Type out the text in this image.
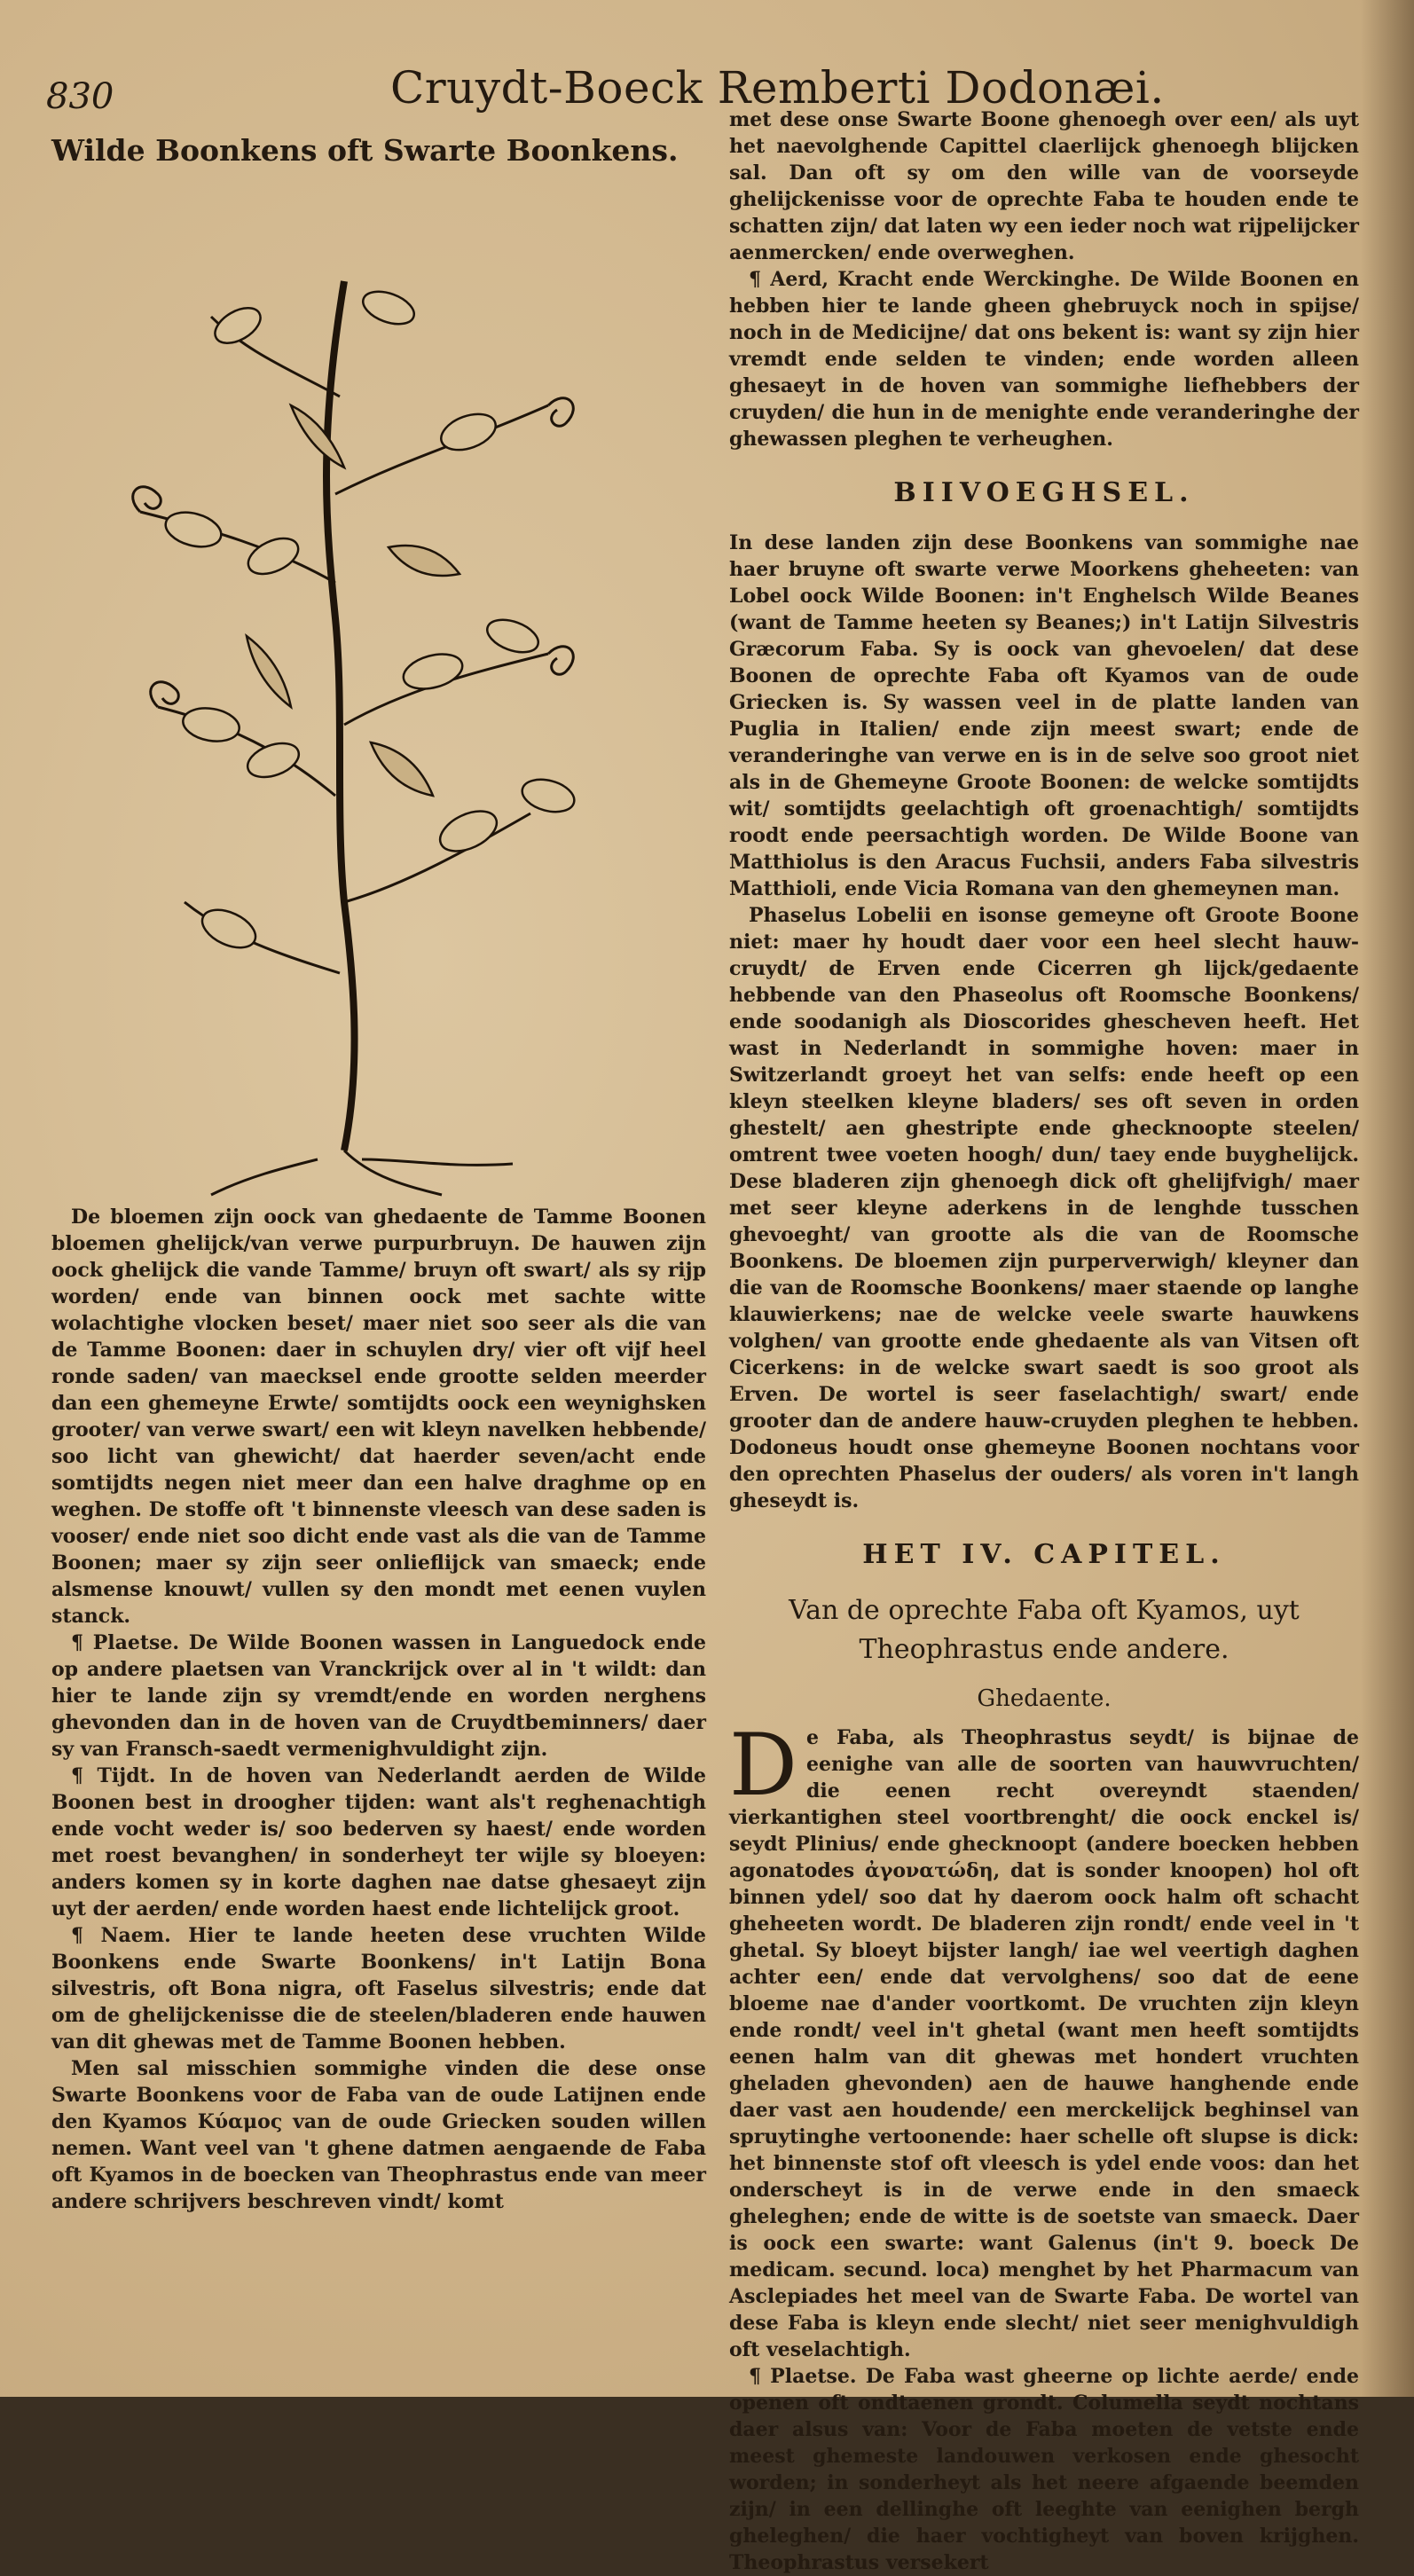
830	Cruydt-Boeck Remberti Dodonæi.
Wilde Boonkens oft Swarte Boonkens.

De bloemen zijn oock van ghedaente de Tamme Boonen bloemen ghelijck/van verwe purpurbruyn. De hauwen zijn oock ghelijck die vande Tamme/ bruyn oft swart/ als sy rijp worden/ ende van binnen oock met sachte witte wolachtighe vlocken beset/ maer niet soo seer als die van de Tamme Boonen: daer in schuylen dry/ vier oft vijf heel ronde saden/ van maecksel ende grootte selden meerder dan een ghemeyne Erwte/ somtijdts oock een weynighsken grooter/ van verwe swart/ een wit kleyn navelken hebbende/ soo licht van ghewicht/ dat haerder seven/acht ende somtijdts negen niet meer dan een halve draghme op en weghen. De stoffe oft 't binnenste vleesch van dese saden is vooser/ ende niet soo dicht ende vast als die van de Tamme Boonen; maer sy zijn seer onlieflijck van smaeck; ende alsmense knouwt/ vullen sy den mondt met eenen vuylen stanck.

¶ Plaetse. De Wilde Boonen wassen in Languedock ende op andere plaetsen van Vranckrijck over al in 't wildt: dan hier te lande zijn sy vremdt/ende en worden nerghens ghevonden dan in de hoven van de Cruydtbeminners/ daer sy van Fransch-saedt vermenighvuldight zijn.

¶ Tijdt. In de hoven van Nederlandt aerden de Wilde Boonen best in droogher tijden: want als't reghenachtigh ende vocht weder is/ soo bederven sy haest/ ende worden met roest bevanghen/ in sonderheyt ter wijle sy bloeyen: anders komen sy in korte daghen nae datse ghesaeyt zijn uyt der aerden/ ende worden haest ende lichtelijck groot.

¶ Naem. Hier te lande heeten dese vruchten Wilde Boonkens ende Swarte Boonkens/ in't Latijn Bona silvestris, oft Bona nigra, oft Faselus silvestris; ende dat om de ghelijckenisse die de steelen/bladeren ende hauwen van dit ghewas met de Tamme Boonen hebben.

Men sal misschien sommighe vinden die dese onse Swarte Boonkens voor de Faba van de oude Latijnen ende den Kyamos Κύαμος van de oude Griecken souden willen nemen. Want veel van 't ghene datmen aengaende de Faba oft Kyamos in de boecken van Theophrastus ende van meer andere schrijvers beschreven vindt/ komt

met dese onse Swarte Boone ghenoegh over een/ als uyt het naevolghende Capittel claerlijck ghenoegh blijcken sal. Dan oft sy om den wille van de voorseyde ghelijckenisse voor de oprechte Faba te houden ende te schatten zijn/ dat laten wy een ieder noch wat rijpelijcker aenmercken/ ende overweghen.

¶ Aerd, Kracht ende Werckinghe. De Wilde Boonen en hebben hier te lande gheen ghebruyck noch in spijse/ noch in de Medicijne/ dat ons bekent is: want sy zijn hier vremdt ende selden te vinden; ende worden alleen ghesaeyt in de hoven van sommighe liefhebbers der cruyden/ die hun in de menighte ende veranderinghe der ghewassen pleghen te verheughen.

BIIVOEGHSEL.

In dese landen zijn dese Boonkens van sommighe nae haer bruyne oft swarte verwe Moorkens gheheeten: van Lobel oock Wilde Boonen: in't Enghelsch Wilde Beanes (want de Tamme heeten sy Beanes;) in't Latijn Silvestris Græcorum Faba. Sy is oock van ghevoelen/ dat dese Boonen de oprechte Faba oft Kyamos van de oude Griecken is. Sy wassen veel in de platte landen van Puglia in Italien/ ende zijn meest swart; ende de veranderinghe van verwe en is in de selve soo groot niet als in de Ghemeyne Groote Boonen: de welcke somtijdts wit/ somtijdts geelachtigh oft groenachtigh/ somtijdts roodt ende peersachtigh worden. De Wilde Boone van Matthiolus is den Aracus Fuchsii, anders Faba silvestris Matthioli, ende Vicia Romana van den ghemeynen man.

Phaselus Lobelii en isonse gemeyne oft Groote Boone niet: maer hy houdt daer voor een heel slecht hauw-cruydt/ de Erven ende Cicerren gh lijck/gedaente hebbende van den Phaseolus oft Roomsche Boonkens/ ende soodanigh als Dioscorides ghescheven heeft. Het wast in Nederlandt in sommighe hoven: maer in Switzerlandt groeyt het van selfs: ende heeft op een kleyn steelken kleyne bladers/ ses oft seven in orden ghestelt/ aen ghestripte ende ghecknoopte steelen/ omtrent twee voeten hoogh/ dun/ taey ende buyghelijck. Dese bladeren zijn ghenoegh dick oft ghelijfvigh/ maer met seer kleyne aderkens in de lenghde tusschen ghevoeght/ van grootte als die van de Roomsche Boonkens. De bloemen zijn purperverwigh/ kleyner dan die van de Roomsche Boonkens/ maer staende op langhe klauwierkens; nae de welcke veele swarte hauwkens volghen/ van grootte ende ghedaente als van Vitsen oft Cicerkens: in de welcke swart saedt is soo groot als Erven. De wortel is seer faselachtigh/ swart/ ende grooter dan de andere hauw-cruyden pleghen te hebben. Dodoneus houdt onse ghemeyne Boonen nochtans voor den oprechten Phaselus der ouders/ als voren in't langh gheseydt is.

HET IV. CAPITEL.
Van de oprechte Faba oft Kyamos, uyt Theophrastus ende andere.
Ghedaente.

De Faba, als Theophrastus seydt/ is bijnae de eenighe van alle de soorten van hauwvruchten/ die eenen recht overeyndt staenden/ vierkantighen steel voortbrenght/ die oock enckel is/ seydt Plinius/ ende ghecknoopt (andere boecken hebben agonatodes ἀγονατώδη, dat is sonder knoopen) hol oft binnen ydel/ soo dat hy daerom oock halm oft schacht gheheeten wordt. De bladeren zijn rondt/ ende veel in 't ghetal. Sy bloeyt bijster langh/ iae wel veertigh daghen achter een/ ende dat vervolghens/ soo dat de eene bloeme nae d'ander voortkomt. De vruchten zijn kleyn ende rondt/ veel in't ghetal (want men heeft somtijdts eenen halm van dit ghewas met hondert vruchten gheladen ghevonden) aen de hauwe hanghende ende daer vast aen houdende/ een merckelijck beghinsel van spruytinghe vertoonende: haer schelle oft slupse is dick: het binnenste stof oft vleesch is ydel ende voos: dan het onderscheyt is in de verwe ende in den smaeck gheleghen; ende de witte is de soetste van smaeck. Daer is oock een swarte: want Galenus (in't 9. boeck De medicam. secund. loca) menghet by het Pharmacum van Asclepiades het meel van de Swarte Faba. De wortel van dese Faba is kleyn ende slecht/ niet seer menighvuldigh oft veselachtigh.

¶ Plaetse. De Faba wast gheerne op lichte aerde/ ende openen oft ondtaenen grondt. Columella seydt nochtans daer alsus van: Voor de Faba moeten de vetste ende meest ghemeste landouwen verkosen ende ghesocht worden; in sonderheyt als het neere afgaende beemden zijn/ in een dellinghe oft leeghte van eenighen bergh gheleghen/ die haer vochtigheyt van boven krijghen. Theophrastus versekert
